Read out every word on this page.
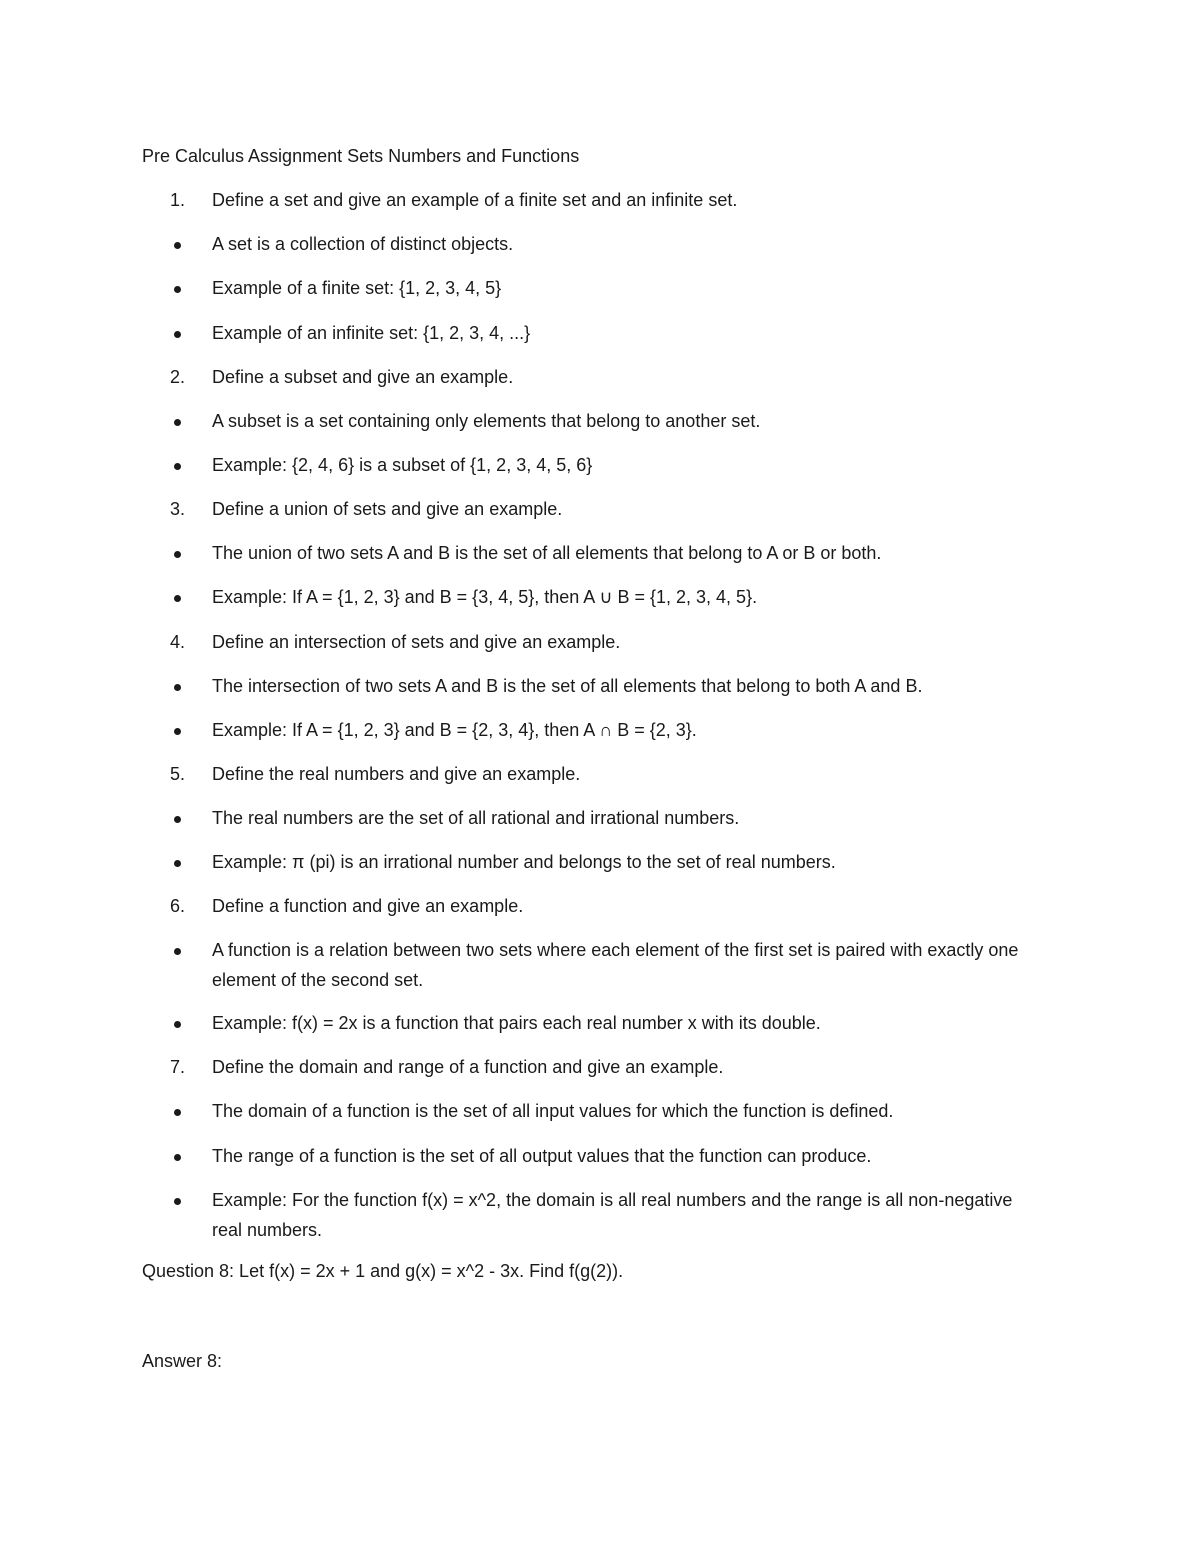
Pre Calculus Assignment Sets Numbers and Functions
1.	Define a set and give an example of a finite set and an infinite set.
A set is a collection of distinct objects.
Example of a finite set: {1, 2, 3, 4, 5}
Example of an infinite set: {1, 2, 3, 4, ...}
2.	Define a subset and give an example.
A subset is a set containing only elements that belong to another set.
Example: {2, 4, 6} is a subset of {1, 2, 3, 4, 5, 6}
3.	Define a union of sets and give an example.
The union of two sets A and B is the set of all elements that belong to A or B or both.
Example: If A = {1, 2, 3} and B = {3, 4, 5}, then A ∪ B = {1, 2, 3, 4, 5}.
4.	Define an intersection of sets and give an example.
The intersection of two sets A and B is the set of all elements that belong to both A and B.
Example: If A = {1, 2, 3} and B = {2, 3, 4}, then A ∩ B = {2, 3}.
5.	Define the real numbers and give an example.
The real numbers are the set of all rational and irrational numbers.
Example: π (pi) is an irrational number and belongs to the set of real numbers.
6.	Define a function and give an example.
A function is a relation between two sets where each element of the first set is paired with exactly one element of the second set.
Example: f(x) = 2x is a function that pairs each real number x with its double.
7.	Define the domain and range of a function and give an example.
The domain of a function is the set of all input values for which the function is defined.
The range of a function is the set of all output values that the function can produce.
Example: For the function f(x) = x^2, the domain is all real numbers and the range is all non-negative real numbers.
Question 8: Let f(x) = 2x + 1 and g(x) = x^2 - 3x. Find f(g(2)).
Answer 8:
